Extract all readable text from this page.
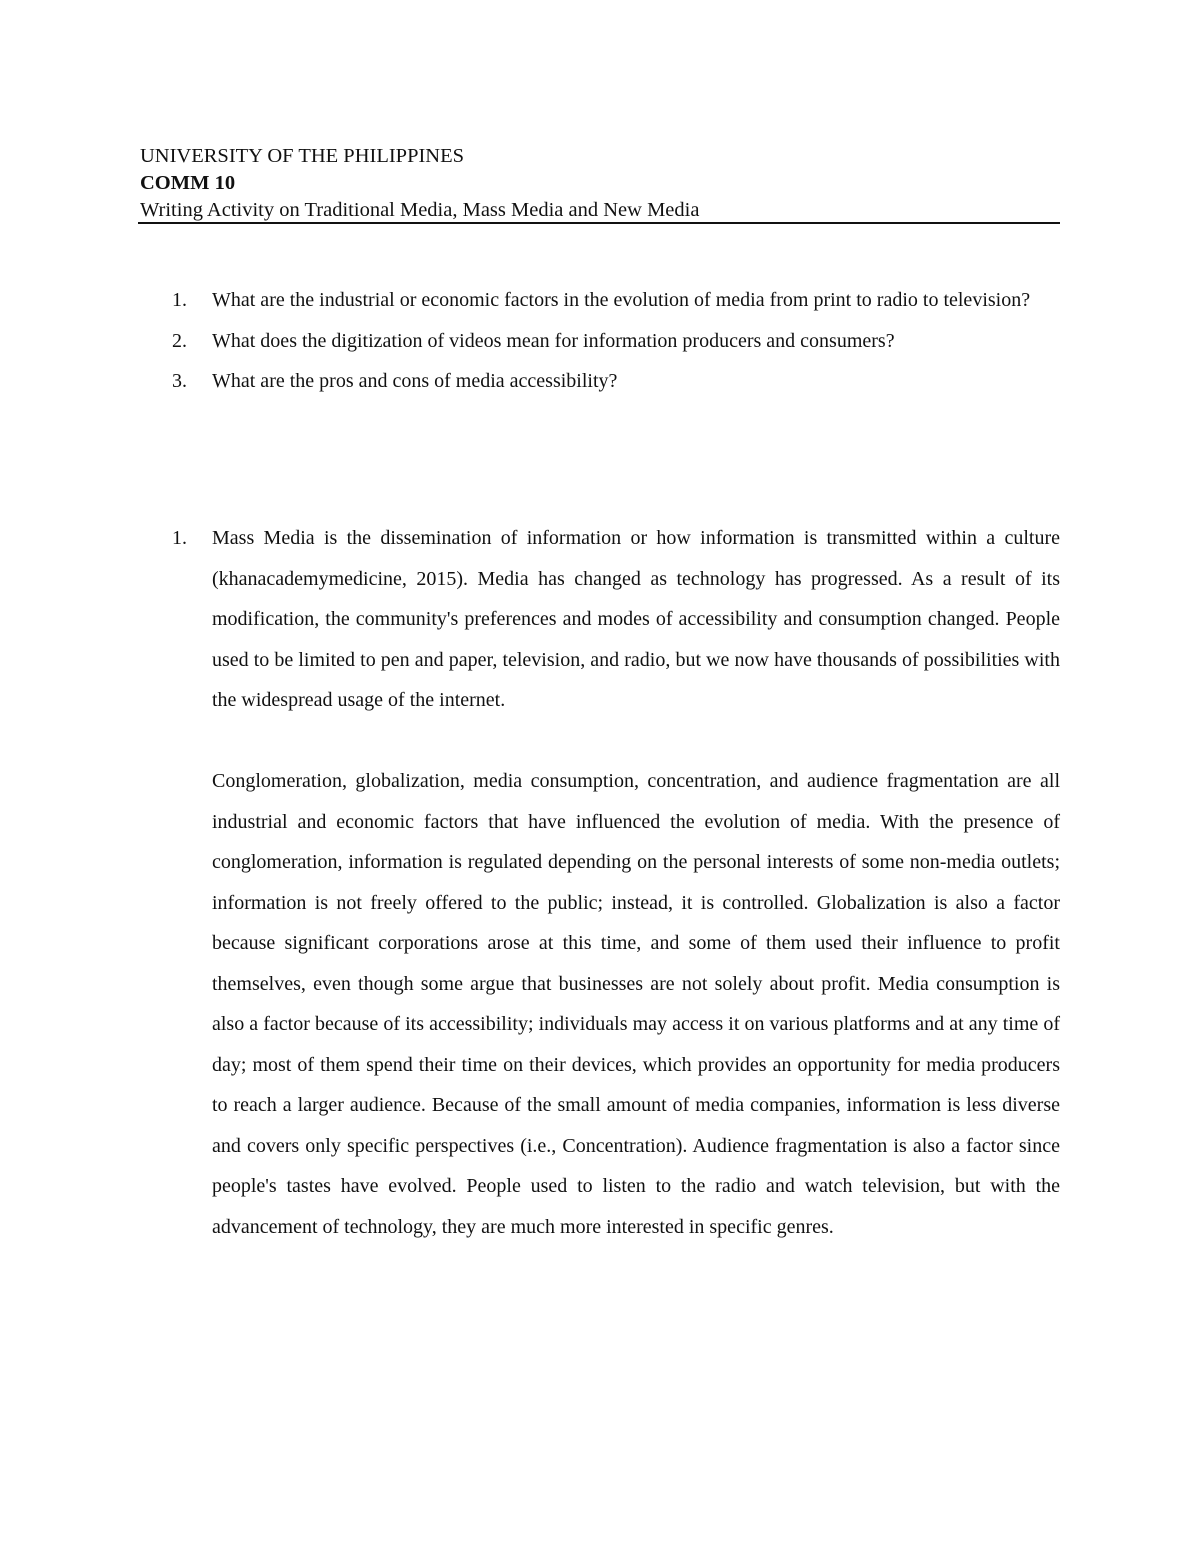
UNIVERSITY OF THE PHILIPPINES

COMM 10

Writing Activity on Traditional Media, Mass Media and New Media

1.	What are the industrial or economic factors in the evolution of media from print to radio to television?
2.	What does the digitization of videos mean for information producers and consumers?
3.	What are the pros and cons of media accessibility?
1.	Mass Media is the dissemination of information or how information is transmitted within a culture (khanacademymedicine, 2015). Media has changed as technology has progressed. As a result of its modification, the community's preferences and modes of accessibility and consumption changed. People used to be limited to pen and paper, television, and radio, but we now have thousands of possibilities with the widespread usage of the internet.

Conglomeration, globalization, media consumption, concentration, and audience fragmentation are all industrial and economic factors that have influenced the evolution of media. With the presence of conglomeration, information is regulated depending on the personal interests of some non-media outlets; information is not freely offered to the public; instead, it is controlled. Globalization is also a factor because significant corporations arose at this time, and some of them used their influence to profit themselves, even though some argue that businesses are not solely about profit. Media consumption is also a factor because of its accessibility; individuals may access it on various platforms and at any time of day; most of them spend their time on their devices, which provides an opportunity for media producers to reach a larger audience. Because of the small amount of media companies, information is less diverse and covers only specific perspectives (i.e., Concentration). Audience fragmentation is also a factor since people's tastes have evolved. People used to listen to the radio and watch television, but with the advancement of technology, they are much more interested in specific genres.
